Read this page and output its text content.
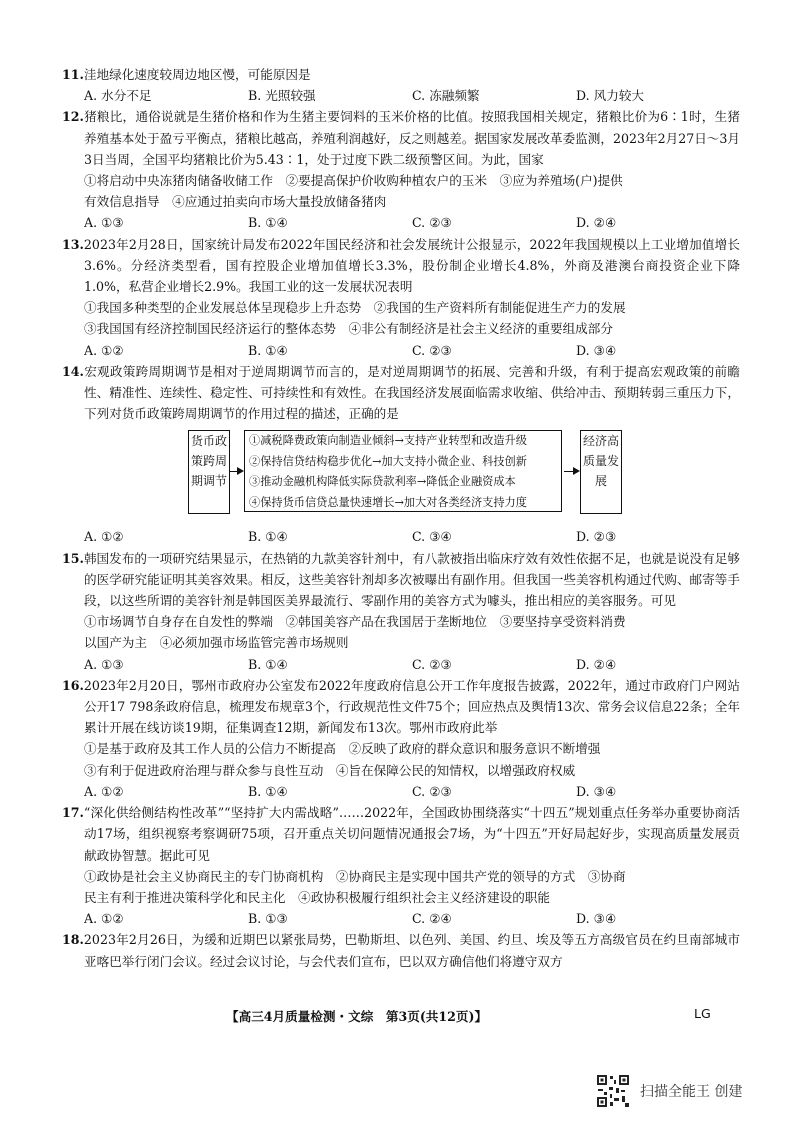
11.洼地绿化速度较周边地区慢，可能原因是

A. 水分不足	B. 光照较强	C. 冻融频繁	D. 风力较大

12.猪粮比，通俗说就是生猪价格和作为生猪主要饲料的玉米价格的比值。按照我国相关规定，猪粮比价为6∶1时，生猪养殖基本处于盈亏平衡点，猪粮比越高，养殖利润越好，反之则越差。据国家发展改革委监测，2023年2月27日～3月3日当周，全国平均猪粮比价为5.43∶1，处于过度下跌二级预警区间。为此，国家

①将启动中央冻猪肉储备收储工作　②要提高保护价收购种植农户的玉米　③应为养殖场(户)提供

有效信息指导　④应通过拍卖向市场大量投放储备猪肉

A. ①③	B. ①④	C. ②③	D. ②④

13.2023年2月28日，国家统计局发布2022年国民经济和社会发展统计公报显示，2022年我国规模以上工业增加值增长3.6%。分经济类型看，国有控股企业增加值增长3.3%，股份制企业增长4.8%，外商及港澳台商投资企业下降1.0%，私营企业增长2.9%。我国工业的这一发展状况表明

①我国多种类型的企业发展总体呈现稳步上升态势　②我国的生产资料所有制能促进生产力的发展

③我国国有经济控制国民经济运行的整体态势　④非公有制经济是社会主义经济的重要组成部分

A. ①②	B. ①④	C. ②③	D. ③④

14.宏观政策跨周期调节是相对于逆周期调节而言的，是对逆周期调节的拓展、完善和升级，有利于提高宏观政策的前瞻性、精准性、连续性、稳定性、可持续性和有效性。在我国经济发展面临需求收缩、供给冲击、预期转弱三重压力下，下列对货币政策跨周期调节的作用过程的描述，正确的是

货币政策跨周期调节
①减税降费政策向制造业倾斜→支持产业转型和改造升级
②保持信贷结构稳步优化→加大支持小微企业、科技创新
③推动金融机构降低实际贷款利率→降低企业融资成本
④保持货币信贷总量快速增长→加大对各类经济支持力度
经济高质量发展
A. ①②	B. ①④	C. ③④	D. ②③

15.韩国发布的一项研究结果显示，在热销的九款美容针剂中，有八款被指出临床疗效有效性依据不足，也就是说没有足够的医学研究能证明其美容效果。相反，这些美容针剂却多次被曝出有副作用。但我国一些美容机构通过代购、邮寄等手段，以这些所谓的美容针剂是韩国医美界最流行、零副作用的美容方式为噱头，推出相应的美容服务。可见

①市场调节自身存在自发性的弊端　②韩国美容产品在我国居于垄断地位　③要坚持享受资料消费

以国产为主　④必须加强市场监管完善市场规则

A. ①③	B. ①④	C. ②③	D. ②④

16.2023年2月20日，鄂州市政府办公室发布2022年度政府信息公开工作年度报告披露，2022年，通过市政府门户网站公开17 798条政府信息，梳理发布规章3个，行政规范性文件75个；回应热点及舆情13次、常务会议信息22条；全年累计开展在线访谈19期，征集调查12期，新闻发布13次。鄂州市政府此举

①是基于政府及其工作人员的公信力不断提高　②反映了政府的群众意识和服务意识不断增强

③有利于促进政府治理与群众参与良性互动　④旨在保障公民的知情权，以增强政府权威

A. ①②	B. ①④	C. ②③	D. ③④

17.“深化供给侧结构性改革”“坚持扩大内需战略”……2022年，全国政协围绕落实“十四五”规划重点任务举办重要协商活动17场，组织视察考察调研75项，召开重点关切问题情况通报会7场，为“十四五”开好局起好步，实现高质量发展贡献政协智慧。据此可见

①政协是社会主义协商民主的专门协商机构　②协商民主是实现中国共产党的领导的方式　③协商

民主有利于推进决策科学化和民主化　④政协积极履行组织社会主义经济建设的职能

A. ①②	B. ①③	C. ②④	D. ③④

18.2023年2月26日，为缓和近期巴以紧张局势，巴勒斯坦、以色列、美国、约旦、埃及等五方高级官员在约旦南部城市亚喀巴举行闭门会议。经过会议讨论，与会代表们宣布，巴以双方确信他们将遵守双方

【高三4月质量检测・文综　第3页(共12页)】	LG
扫描全能王 创建
